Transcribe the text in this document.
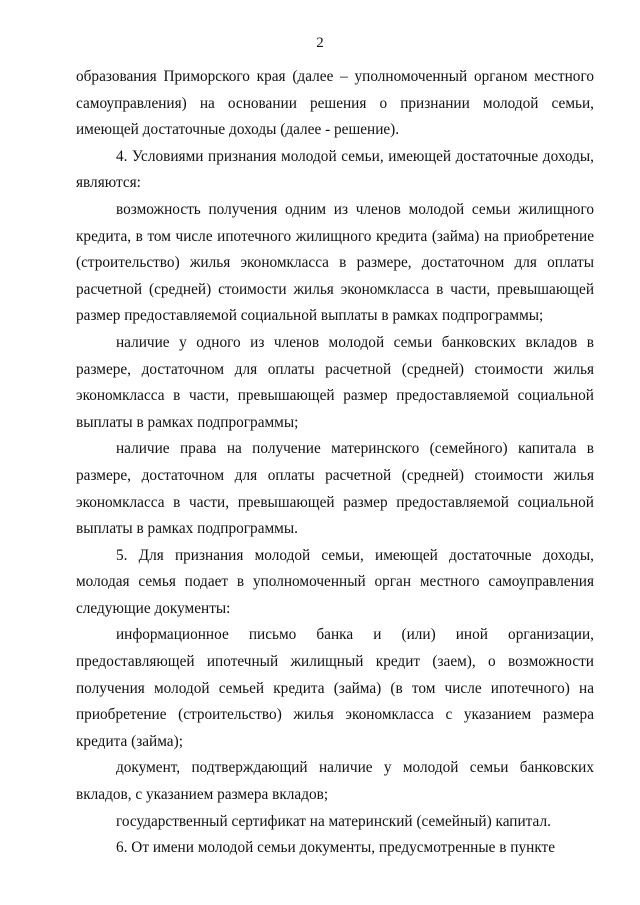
2

образования Приморского края (далее – уполномоченный органом местного самоуправления) на основании решения о признании молодой семьи, имеющей достаточные доходы (далее - решение).

4. Условиями признания молодой семьи, имеющей достаточные доходы, являются:

возможность получения одним из членов молодой семьи жилищного кредита, в том числе ипотечного жилищного кредита (займа) на приобретение (строительство) жилья экономкласса в размере, достаточном для оплаты расчетной (средней) стоимости жилья экономкласса в части, превышающей размер предоставляемой социальной выплаты в рамках подпрограммы;

наличие у одного из членов молодой семьи банковских вкладов в размере, достаточном для оплаты расчетной (средней) стоимости жилья экономкласса в части, превышающей размер предоставляемой социальной выплаты в рамках подпрограммы;

наличие права на получение материнского (семейного) капитала в размере, достаточном для оплаты расчетной (средней) стоимости жилья экономкласса в части, превышающей размер предоставляемой социальной выплаты в рамках подпрограммы.

5. Для признания молодой семьи, имеющей достаточные доходы, молодая семья подает в уполномоченный орган местного самоуправления следующие документы:

информационное письмо банка и (или) иной организации, предоставляющей ипотечный жилищный кредит (заем), о возможности получения молодой семьей кредита (займа) (в том числе ипотечного) на приобретение (строительство) жилья экономкласса с указанием размера кредита (займа);

документ, подтверждающий наличие у молодой семьи банковских вкладов, с указанием размера вкладов;

государственный сертификат на материнский (семейный) капитал.

6. От имени молодой семьи документы, предусмотренные в пункте
